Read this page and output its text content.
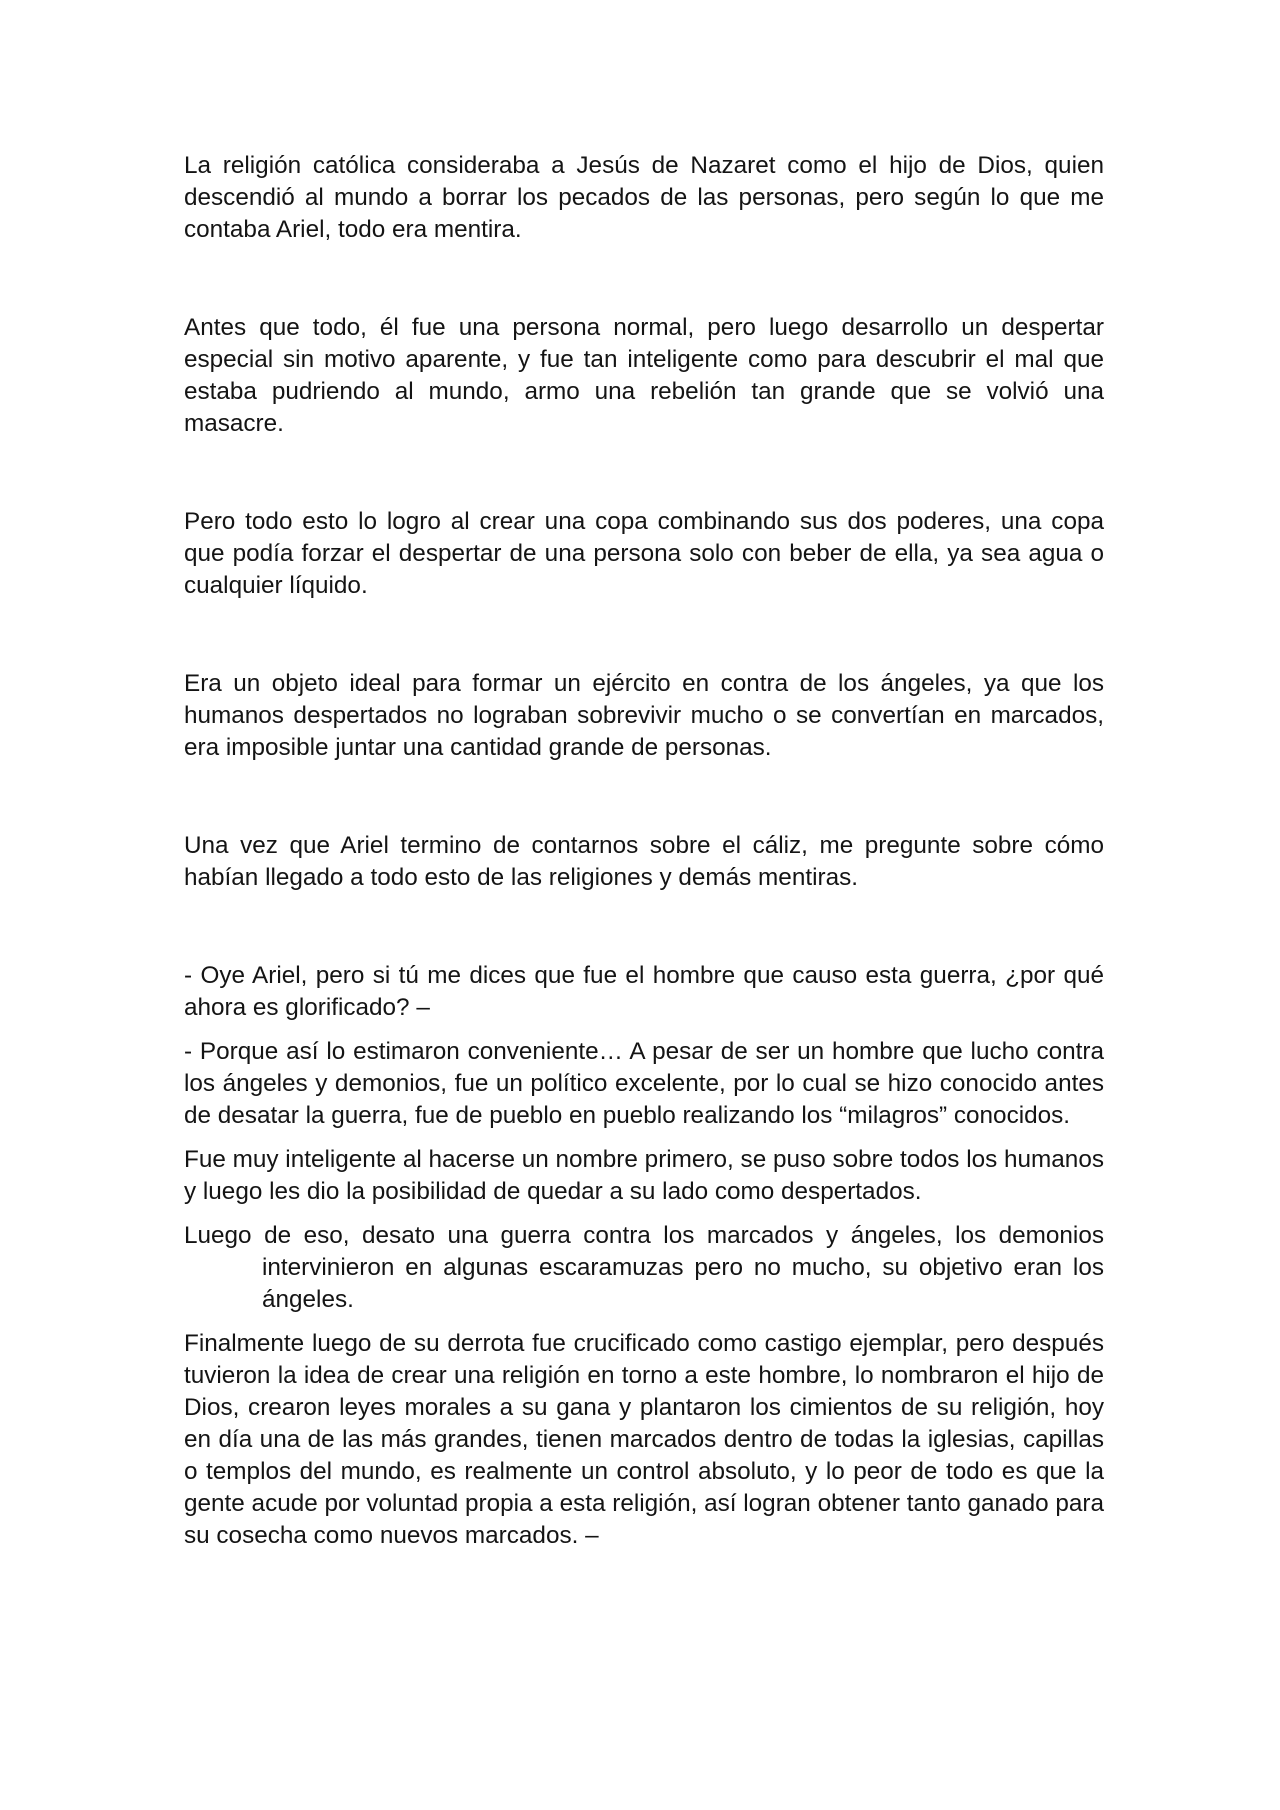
La religión católica consideraba a Jesús de Nazaret como el hijo de Dios, quien descendió al mundo a borrar los pecados de las personas, pero según lo que me contaba Ariel, todo era mentira.

Antes que todo, él fue una persona normal, pero luego desarrollo un despertar especial sin motivo aparente, y fue tan inteligente como para descubrir el mal que estaba pudriendo al mundo, armo una rebelión tan grande que se volvió una masacre.

Pero todo esto lo logro al crear una copa combinando sus dos poderes, una copa que podía forzar el despertar de una persona solo con beber de ella, ya sea agua o cualquier líquido.

Era un objeto ideal para formar un ejército en contra de los ángeles, ya que los humanos despertados no lograban sobrevivir mucho o se convertían en marcados, era imposible juntar una cantidad grande de personas.

Una vez que Ariel termino de contarnos sobre el cáliz, me pregunte sobre cómo habían llegado a todo esto de las religiones y demás mentiras.

- Oye Ariel, pero si tú me dices que fue el hombre que causo esta guerra, ¿por qué ahora es glorificado? –

- Porque así lo estimaron conveniente… A pesar de ser un hombre que lucho contra los ángeles y demonios, fue un político excelente, por lo cual se hizo conocido antes de desatar la guerra, fue de pueblo en pueblo realizando los “milagros” conocidos.

Fue muy inteligente al hacerse un nombre primero, se puso sobre todos los humanos y luego les dio la posibilidad de quedar a su lado como despertados.

Luego de eso, desato una guerra contra los marcados y ángeles, los demonios intervinieron en algunas escaramuzas pero no mucho, su objetivo eran los ángeles.

Finalmente luego de su derrota fue crucificado como castigo ejemplar, pero después tuvieron la idea de crear una religión en torno a este hombre, lo nombraron el hijo de Dios, crearon leyes morales a su gana y plantaron los cimientos de su religión, hoy en día una de las más grandes, tienen marcados dentro de todas la iglesias, capillas o templos del mundo, es realmente un control absoluto, y lo peor de todo es que la gente acude por voluntad propia a esta religión, así logran obtener tanto ganado para su cosecha como nuevos marcados. –
